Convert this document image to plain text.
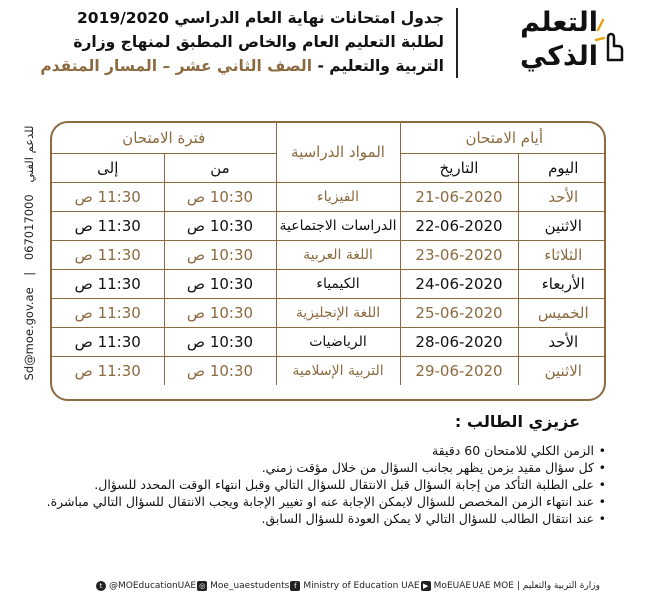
التعلم
الذكي
جدول امتحانات نهاية العام الدراسي 2019/2020
لطلبة التعليم العام والخاص المطبق لمنهاج وزارة
التربية والتعليم - الصف الثاني عشر – المسار المتقدم
للدعم الفني 067017000 | Sd@moe.gov.ae
أيام الامتحان		المواد الدراسية	فترة الامتحان	
اليوم	التاريخ		من	إلى
الأحد	21-06-2020	الفيزياء	10:30 ص	11:30 ص
الاثنين	22-06-2020	الدراسات الاجتماعية	10:30 ص	11:30 ص
الثلاثاء	23-06-2020	اللغة العربية	10:30 ص	11:30 ص
الأربعاء	24-06-2020	الكيمياء	10:30 ص	11:30 ص
الخميس	25-06-2020	اللغة الإنجليزية	10:30 ص	11:30 ص
الأحد	28-06-2020	الرياضيات	10:30 ص	11:30 ص
الاثنين	29-06-2020	التربية الإسلامية	10:30 ص	11:30 ص
عزيزي الطالب :
• الزمن الكلي للامتحان 60 دقيقة
• كل سؤال مقيد بزمن يظهر بجانب السؤال من خلال مؤقت زمني.
• على الطلبة التأكد من إجابة السؤال قبل الانتقال للسؤال التالي وقبل انتهاء الوقت المحدد للسؤال.
• عند انتهاء الزمن المخصص للسؤال لايمكن الإجابة عنه او تغيير الإجابة ويجب الانتقال للسؤال التالي مباشرة.
• عند انتقال الطالب للسؤال التالي لا يمكن العودة للسؤال السابق.
t @MOEducationUAE ◎ Moe_uaestudents f Ministry of Education UAE ▶ MoEUAE UAE MOE | وزارة التربية والتعليم
